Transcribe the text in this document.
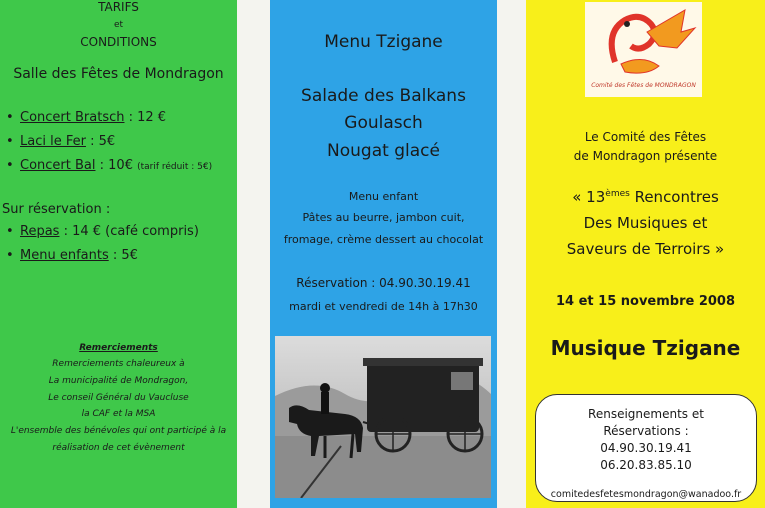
TARIFS
et
CONDITIONS
Salle des Fêtes de Mondragon
• Concert Bratsch : 12 €
• Laci le Fer : 5€
• Concert Bal : 10€ (tarif réduit : 5€)
Sur réservation :
• Repas : 14 € (café compris)
• Menu enfants : 5€
Remerciements
Remerciements chaleureux à
La municipalité de Mondragon,
Le conseil Général du Vaucluse
la CAF et la MSA
L'ensemble des bénévoles qui ont participé à la
réalisation de cet évènement
Menu Tzigane
Salade des Balkans
Goulasch
Nougat glacé
Menu enfant
Pâtes au beurre, jambon cuit,
fromage, crème dessert au chocolat
Réservation : 04.90.30.19.41
mardi et vendredi de 14h à 17h30
Comité des Fêtes de MONDRAGON
Le Comité des Fêtes
de Mondragon présente
« 13èmes Rencontres
Des Musiques et
Saveurs de Terroirs »
14 et 15 novembre 2008
Musique Tzigane
Renseignements et
Réservations :
04.90.30.19.41
06.20.83.85.10
comitedesfetesmondragon@wanadoo.fr
